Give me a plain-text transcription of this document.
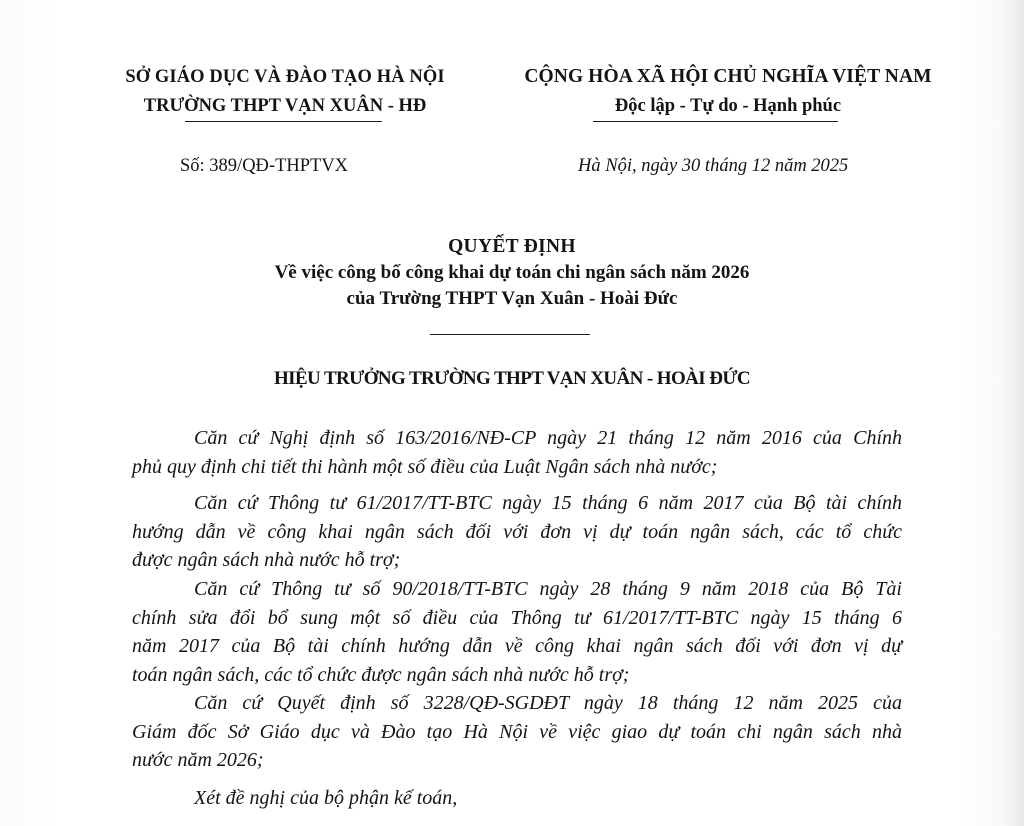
SỞ GIÁO DỤC VÀ ĐÀO TẠO HÀ NỘI
TRƯỜNG THPT VẠN XUÂN - HĐ
CỘNG HÒA XÃ HỘI CHỦ NGHĨA VIỆT NAM
Độc lập - Tự do - Hạnh phúc
Số: 389/QĐ-THPTVX	Hà Nội, ngày 30 tháng 12 năm 2025
QUYẾT ĐỊNH
Về việc công bố công khai dự toán chi ngân sách năm 2026
của Trường THPT Vạn Xuân - Hoài Đức
HIỆU TRƯỞNG TRƯỜNG THPT VẠN XUÂN - HOÀI ĐỨC
Căn cứ Nghị định số 163/2016/NĐ-CP ngày 21 tháng 12 năm 2016 của Chính
phủ quy định chi tiết thi hành một số điều của Luật Ngân sách nhà nước;
Căn cứ Thông tư 61/2017/TT-BTC ngày 15 tháng 6 năm 2017 của Bộ tài chính
hướng dẫn về công khai ngân sách đối với đơn vị dự toán ngân sách, các tổ chức
được ngân sách nhà nước hỗ trợ;
Căn cứ Thông tư số 90/2018/TT-BTC ngày 28 tháng 9 năm 2018 của Bộ Tài
chính sửa đổi bổ sung một số điều của Thông tư 61/2017/TT-BTC ngày 15 tháng 6
năm 2017 của Bộ tài chính hướng dẫn về công khai ngân sách đối với đơn vị dự
toán ngân sách, các tổ chức được ngân sách nhà nước hỗ trợ;
Căn cứ Quyết định số 3228/QĐ-SGDĐT ngày 18 tháng 12 năm 2025 của
Giám đốc Sở Giáo dục và Đào tạo Hà Nội về việc giao dự toán chi ngân sách nhà
nước năm 2026;
Xét đề nghị của bộ phận kế toán,
